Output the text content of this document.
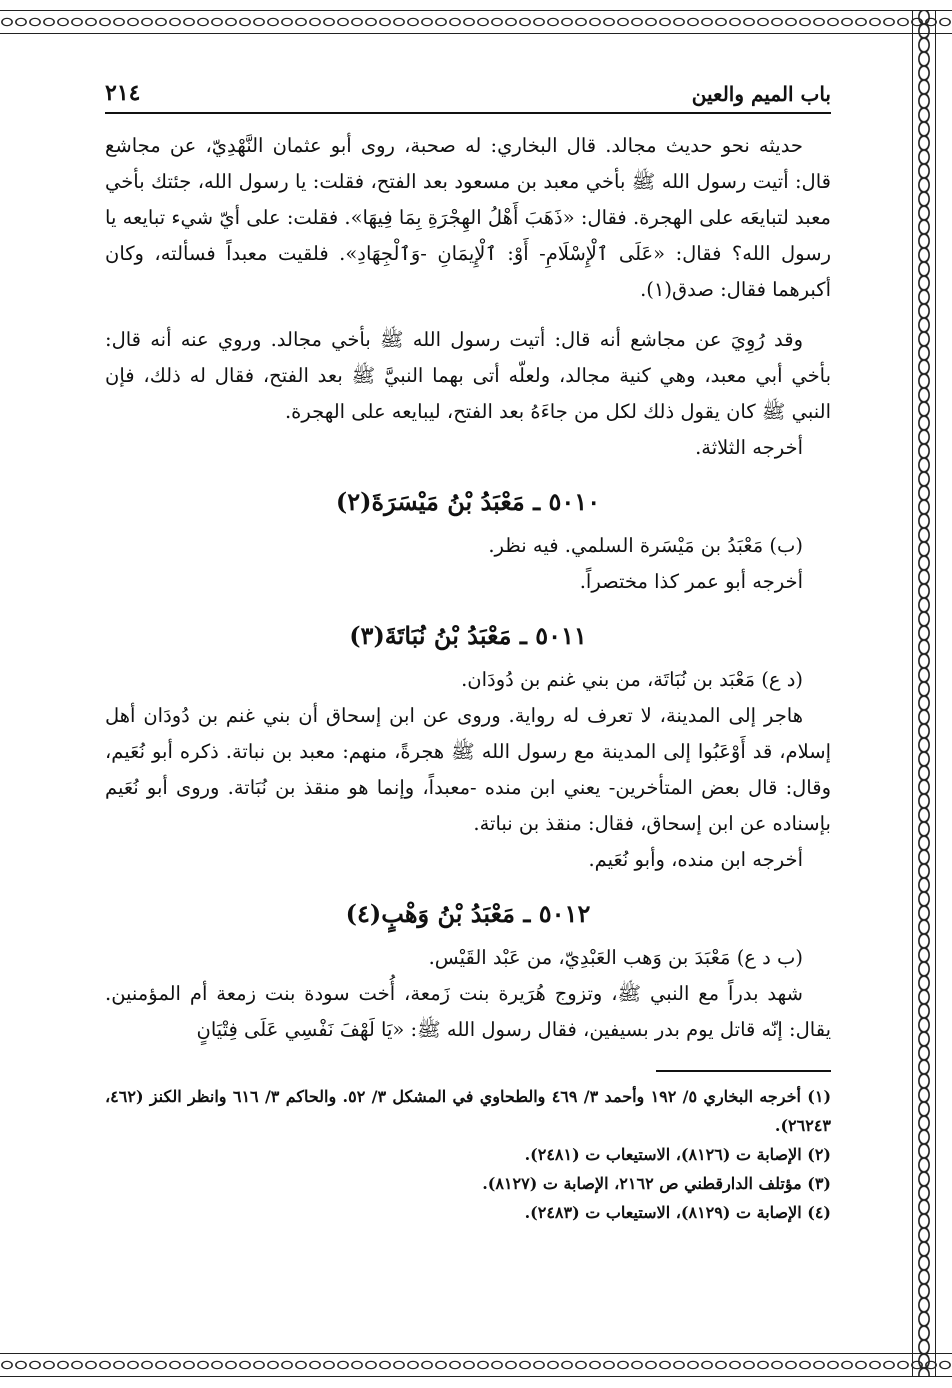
باب الميم والعين
٢١٤

حديثه نحو حديث مجالد. قال البخاري: له صحبة، روى أبو عثمان النَّهْدِيّ، عن مجاشع قال: أتيت رسول الله ﷺ بأخي معبد بن مسعود بعد الفتح، فقلت: يا رسول الله، جئتك بأخي معبد لتبايعَه على الهجرة. فقال: «ذَهَبَ أَهْلُ الهِجْرَةِ بِمَا فِيهَا». فقلت: على أيّ شيء تبايعه يا رسول الله؟ فقال: «عَلَى ٱلْإِسْلَامِ- أَوْ: ٱلْإِيمَانِ -وَٱلْجِهَادِ». فلقيت معبداً فسألته، وكان أكبرهما فقال: صدق(١).

وقد رُوِيَ عن مجاشع أنه قال: أتيت رسول الله ﷺ بأخي مجالد. وروي عنه أنه قال: بأخي أبي معبد، وهي كنية مجالد، ولعلّه أتى بهما النبيَّ ﷺ بعد الفتح، فقال له ذلك، فإن النبي ﷺ كان يقول ذلك لكل من جاءَهُ بعد الفتح، ليبايعه على الهجرة.

أخرجه الثلاثة.

٥٠١٠ ـ مَعْبَدُ بْنُ مَيْسَرَةَ(٢)

(ب) مَعْبَدُ بن مَيْسَرة السلمي. فيه نظر.

أخرجه أبو عمر كذا مختصراً.

٥٠١١ ـ مَعْبَدُ بْنُ نُبَاتَةَ(٣)

(د ع) مَعْبَد بن نُبَاتَة، من بني غنم بن دُودَان.

هاجر إلى المدينة، لا تعرف له رواية. وروى عن ابن إسحاق أن بني غنم بن دُودَان أهل إسلام، قد أَوْعَبُوا إلى المدينة مع رسول الله ﷺ هجرةً، منهم: معبد بن نباتة. ذكره أبو نُعَيم، وقال: قال بعض المتأخرين- يعني ابن منده -معبداً، وإنما هو منقذ بن نُبَاتة. وروى أبو نُعَيم بإسناده عن ابن إسحاق، فقال: منقذ بن نباتة.

أخرجه ابن منده، وأبو نُعَيم.

٥٠١٢ ـ مَعْبَدُ بْنُ وَهْبٍ(٤)

(ب د ع) مَعْبَدَ بن وَهب العَبْدِيّ، من عَبْد القَيْس.

شهد بدراً مع النبي ﷺ، وتزوج هُرَيرة بنت زَمعة، أُخت سودة بنت زمعة أم المؤمنين. يقال: إنّه قاتل يوم بدر بسيفين، فقال رسول الله ﷺ: «يَا لَهْفَ نَفْسِي عَلَى فِتْيَانٍ

(١) أخرجه البخاري ٥/ ١٩٢ وأحمد ٣/ ٤٦٩ والطحاوي في المشكل ٣/ ٥٢. والحاكم ٣/ ٦١٦ وانظر الكنز (٤٦٢، ٢٦٢٤٣).

(٢) الإصابة ت (٨١٢٦)، الاستيعاب ت (٢٤٨١).

(٣) مؤتلف الدارقطني ص ٢١٦٢، الإصابة ت (٨١٢٧).

(٤) الإصابة ت (٨١٢٩)، الاستيعاب ت (٢٤٨٣).
